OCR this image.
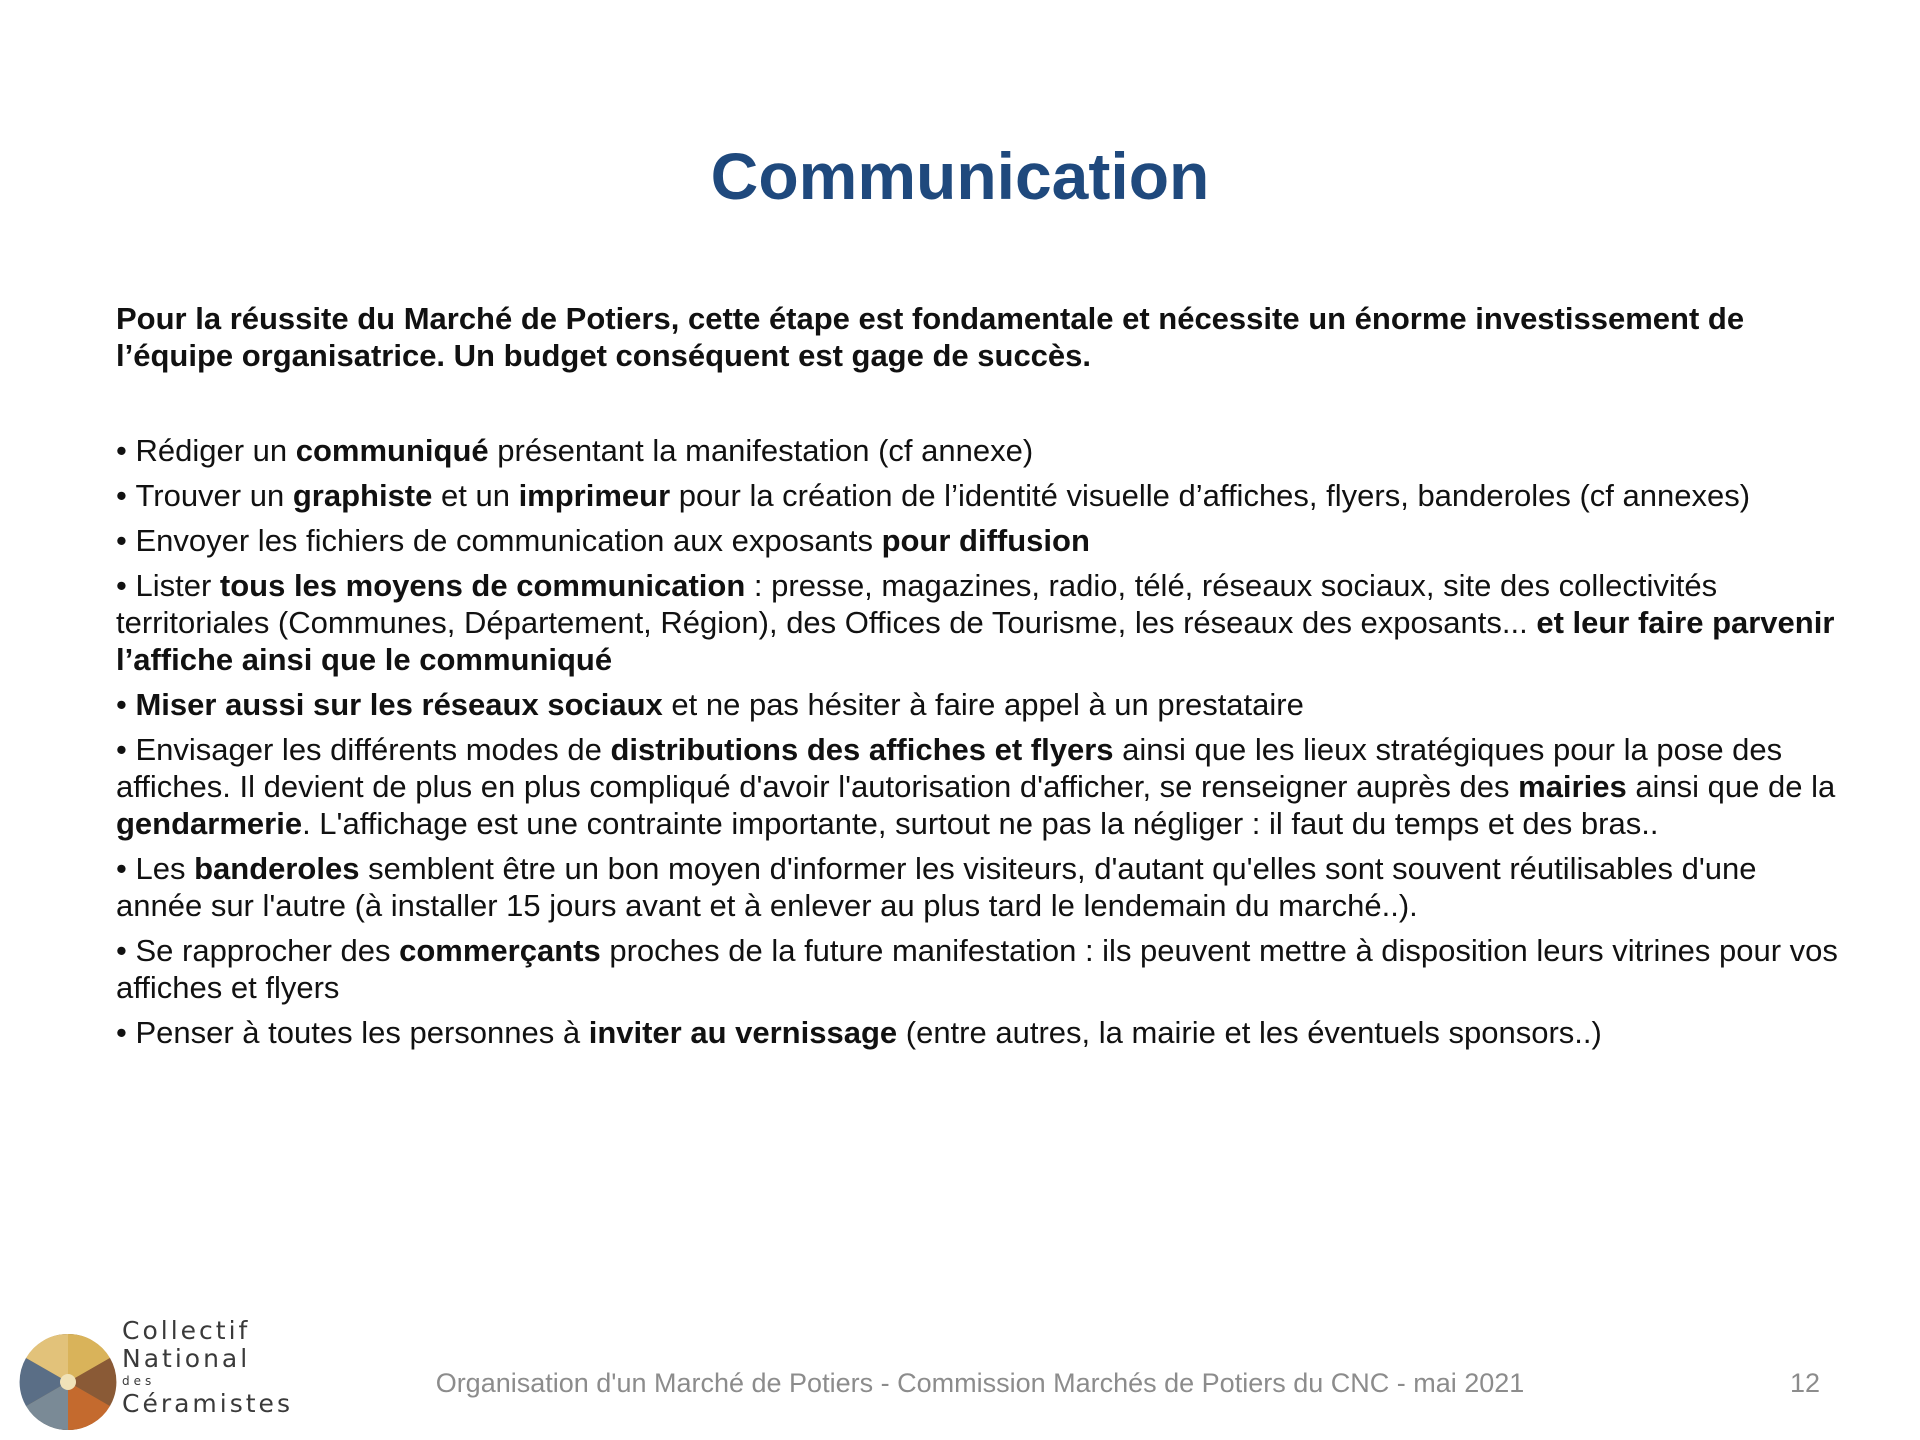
Communication

Pour la réussite du Marché de Potiers, cette étape est fondamentale et nécessite un énorme investissement de l’équipe organisatrice. Un budget conséquent est gage de succès.

• Rédiger un communiqué présentant la manifestation (cf annexe)
• Trouver un graphiste et un imprimeur pour la création de l’identité visuelle d’affiches, flyers, banderoles (cf annexes)
• Envoyer les fichiers de communication aux exposants pour diffusion
• Lister tous les moyens de communication : presse, magazines, radio, télé, réseaux sociaux, site des collectivités territoriales (Communes, Département, Région), des Offices de Tourisme, les réseaux des exposants... et leur faire parvenir l’affiche ainsi que le communiqué
• Miser aussi sur les réseaux sociaux et ne pas hésiter à faire appel à un prestataire
• Envisager les différents modes de distributions des affiches et flyers ainsi que les lieux stratégiques pour la pose des affiches. Il devient de plus en plus compliqué d'avoir l'autorisation d'afficher, se renseigner auprès des mairies ainsi que de la gendarmerie. L'affichage est une contrainte importante, surtout ne pas la négliger : il faut du temps et des bras..
• Les banderoles semblent être un bon moyen d'informer les visiteurs, d'autant qu'elles sont souvent réutilisables d'une année sur l'autre (à installer 15 jours avant et à enlever au plus tard le lendemain du marché..).
• Se rapprocher des commerçants proches de la future manifestation : ils peuvent mettre à disposition leurs vitrines pour vos affiches et flyers
• Penser à toutes les personnes à inviter au vernissage (entre autres, la mairie et les éventuels sponsors..)
Collectif
National
des
Céramistes
Organisation d'un Marché de Potiers - Commission Marchés de Potiers du CNC - mai 2021	12
